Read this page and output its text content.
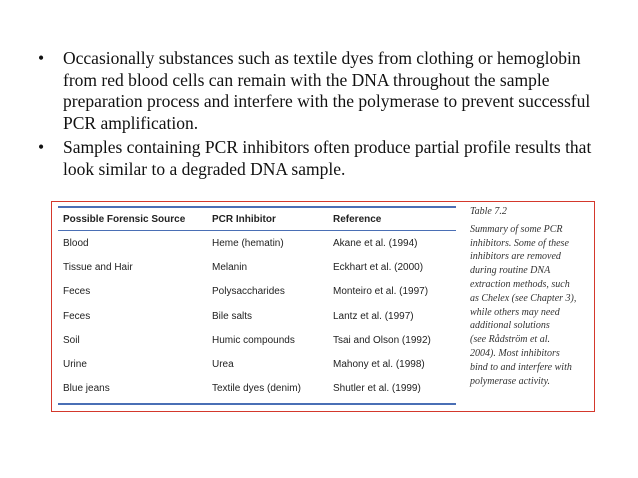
• Occasionally substances such as textile dyes from clothing or hemoglobin from red blood cells can remain with the DNA throughout the sample preparation process and interfere with the polymerase to prevent successful PCR amplification.
• Samples containing PCR inhibitors often produce partial profile results that look similar to a degraded DNA sample.
Possible Forensic Source	PCR Inhibitor	Reference
Blood	Heme (hematin)	Akane et al. (1994)
Tissue and Hair	Melanin	Eckhart et al. (2000)
Feces	Polysaccharides	Monteiro et al. (1997)
Feces	Bile salts	Lantz et al. (1997)
Soil	Humic compounds	Tsai and Olson (1992)
Urine	Urea	Mahony et al. (1998)
Blue jeans	Textile dyes (denim)	Shutler et al. (1999)
Table 7.2
Summary of some PCR
inhibitors. Some of these
inhibitors are removed
during routine DNA
extraction methods, such
as Chelex (see Chapter 3),
while others may need
additional solutions
(see Rådström et al.
2004). Most inhibitors
bind to and interfere with
polymerase activity.
